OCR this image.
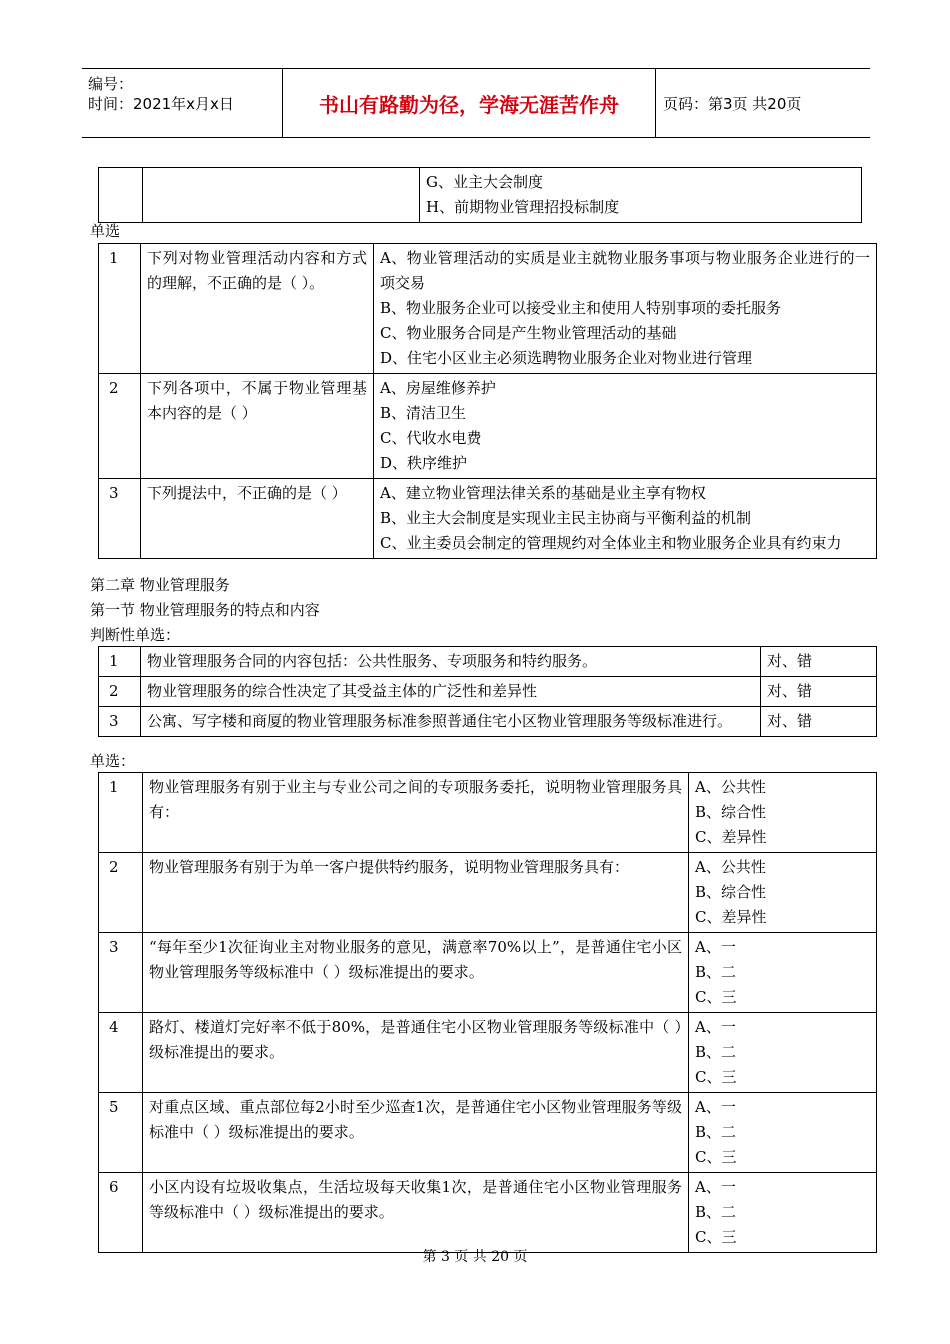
编号：
时间：2021年x月x日	书山有路勤为径，学海无涯苦作舟	页码：第3页 共20页

G、业主大会制度
H、前期物业管理招投标制度
单选
1	下列对物业管理活动内容和方式的理解，不正确的是（ ）。	A、物业管理活动的实质是业主就物业服务事项与物业服务企业进行的一项交易
B、物业服务企业可以接受业主和使用人特别事项的委托服务
C、物业服务合同是产生物业管理活动的基础
D、住宅小区业主必须选聘物业服务企业对物业进行管理

2	下列各项中，不属于物业管理基本内容的是（ ）	A、房屋维修养护
B、清洁卫生
C、代收水电费
D、秩序维护

3	下列提法中，不正确的是（ ）	A、建立物业管理法律关系的基础是业主享有物权
B、业主大会制度是实现业主民主协商与平衡利益的机制
C、业主委员会制定的管理规约对全体业主和物业服务企业具有约束力
第二章 物业管理服务
第一节 物业管理服务的特点和内容
判断性单选：
1	物业管理服务合同的内容包括：公共性服务、专项服务和特约服务。	对、错
2	物业管理服务的综合性决定了其受益主体的广泛性和差异性	对、错
3	公寓、写字楼和商厦的物业管理服务标准参照普通住宅小区物业管理服务等级标准进行。	对、错
单选：
1	物业管理服务有别于业主与专业公司之间的专项服务委托，说明物业管理服务具有：	A、公共性
B、综合性
C、差异性

2	物业管理服务有别于为单一客户提供特约服务，说明物业管理服务具有：	A、公共性
B、综合性
C、差异性

3	“每年至少1次征询业主对物业服务的意见，满意率70%以上”，是普通住宅小区物业管理服务等级标准中（ ）级标准提出的要求。	A、一
B、二
C、三

4	路灯、楼道灯完好率不低于80%，是普通住宅小区物业管理服务等级标准中（ ）级标准提出的要求。	A、一
B、二
C、三

5	对重点区域、重点部位每2小时至少巡查1次，是普通住宅小区物业管理服务等级标准中（ ）级标准提出的要求。	A、一
B、二
C、三

6	小区内设有垃圾收集点，生活垃圾每天收集1次，是普通住宅小区物业管理服务等级标准中（ ）级标准提出的要求。	A、一
B、二
C、三
第 3 页 共 20 页
